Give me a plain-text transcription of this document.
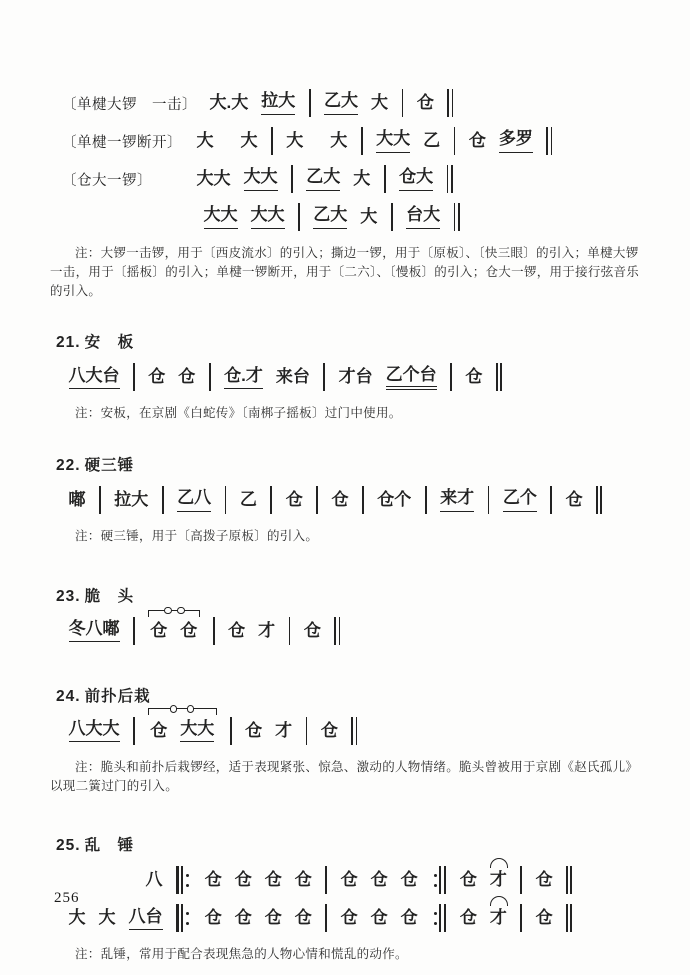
〔单楗大锣　一击〕 大.大 拉大 乙大 大 仓
〔单楗一锣断开〕 大 大 大 大 大大 乙 仓 多罗
〔仓大一锣〕	大大 大大 乙大 大 仓大
大大 大大 乙大 大 台大

注：大锣一击锣，用于〔西皮流水〕的引入；撕边一锣，用于〔原板〕、〔快三眼〕的引入；单楗大锣一击，用于〔摇板〕的引入；单楗一锣断开，用于〔二六〕、〔慢板〕的引入；仓大一锣，用于接行弦音乐的引入。

21. 安　板
八大台 仓 仓 仓.才 来台 才台 乙个台 仓

注：安板，在京剧《白蛇传》〔南梆子摇板〕过门中使用。

22. 硬三锤
嘟 拉大 乙八 乙 仓 仓 仓个 来才 乙个 仓

注：硬三锤，用于〔高拨子原板〕的引入。

23. 脆　头
冬八嘟 仓 仓 仓 才 仓
24. 前扑后栽
八大大 仓 大大 仓 才 仓

注：脆头和前扑后栽锣经，适于表现紧张、惊急、激动的人物情绪。脆头曾被用于京剧《赵氏孤儿》以现二簧过门的引入。

25. 乱　锤
八 仓 仓 仓 仓 仓 仓 仓 仓 才 仓
大 大 八台 仓 仓 仓 仓 仓 仓 仓 仓 才 仓

注：乱锤，常用于配合表现焦急的人物心情和慌乱的动作。

256
